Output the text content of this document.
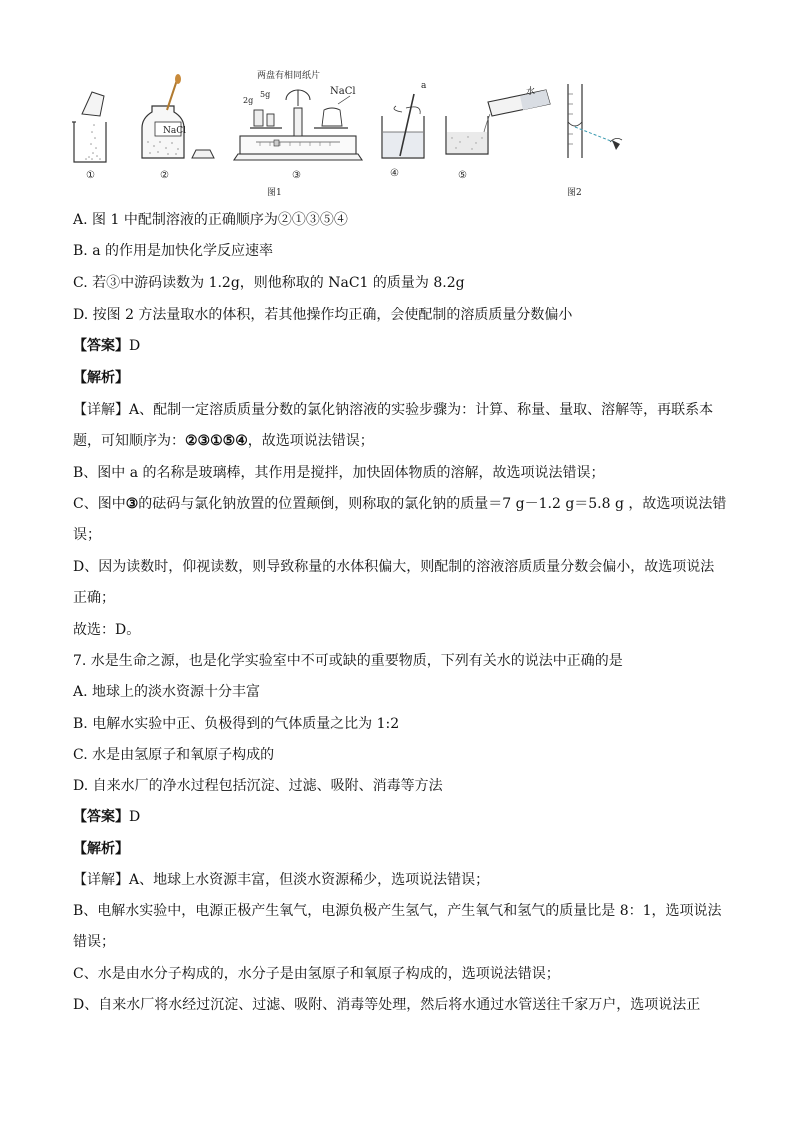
两盘有相同纸片
①
NaCl
②
2g
5g	NaCl
③
a
④
水
⑤
图1	图2
A. 图 1 中配制溶液的正确顺序为②①③⑤④
B. a 的作用是加快化学反应速率
C. 若③中游码读数为 1.2g，则他称取的 NaC1 的质量为 8.2g
D. 按图 2 方法量取水的体积，若其他操作均正确，会使配制的溶质质量分数偏小
【答案】D
【解析】
【详解】A、配制一定溶质质量分数的氯化钠溶液的实验步骤为：计算、称量、量取、溶解等，再联系本
题，可知顺序为：②③①⑤④，故选项说法错误；
B、图中 a 的名称是玻璃棒，其作用是搅拌，加快固体物质的溶解，故选项说法错误；
C、图中③的砝码与氯化钠放置的位置颠倒，则称取的氯化钠的质量＝7 g－1.2 g＝5.8 g ，故选项说法错
误；
D、因为读数时，仰视读数，则导致称量的水体积偏大，则配制的溶液溶质质量分数会偏小，故选项说法
正确；
故选：D。
7. 水是生命之源，也是化学实验室中不可或缺的重要物质，下列有关水的说法中正确的是
A. 地球上的淡水资源十分丰富
B. 电解水实验中正、负极得到的气体质量之比为 1:2
C. 水是由氢原子和氧原子构成的
D. 自来水厂的净水过程包括沉淀、过滤、吸附、消毒等方法
【答案】D
【解析】
【详解】A、地球上水资源丰富，但淡水资源稀少，选项说法错误；
B、电解水实验中，电源正极产生氧气，电源负极产生氢气，产生氧气和氢气的质量比是 8：1，选项说法
错误；
C、水是由水分子构成的，水分子是由氢原子和氧原子构成的，选项说法错误；
D、自来水厂将水经过沉淀、过滤、吸附、消毒等处理，然后将水通过水管送往千家万户，选项说法正
